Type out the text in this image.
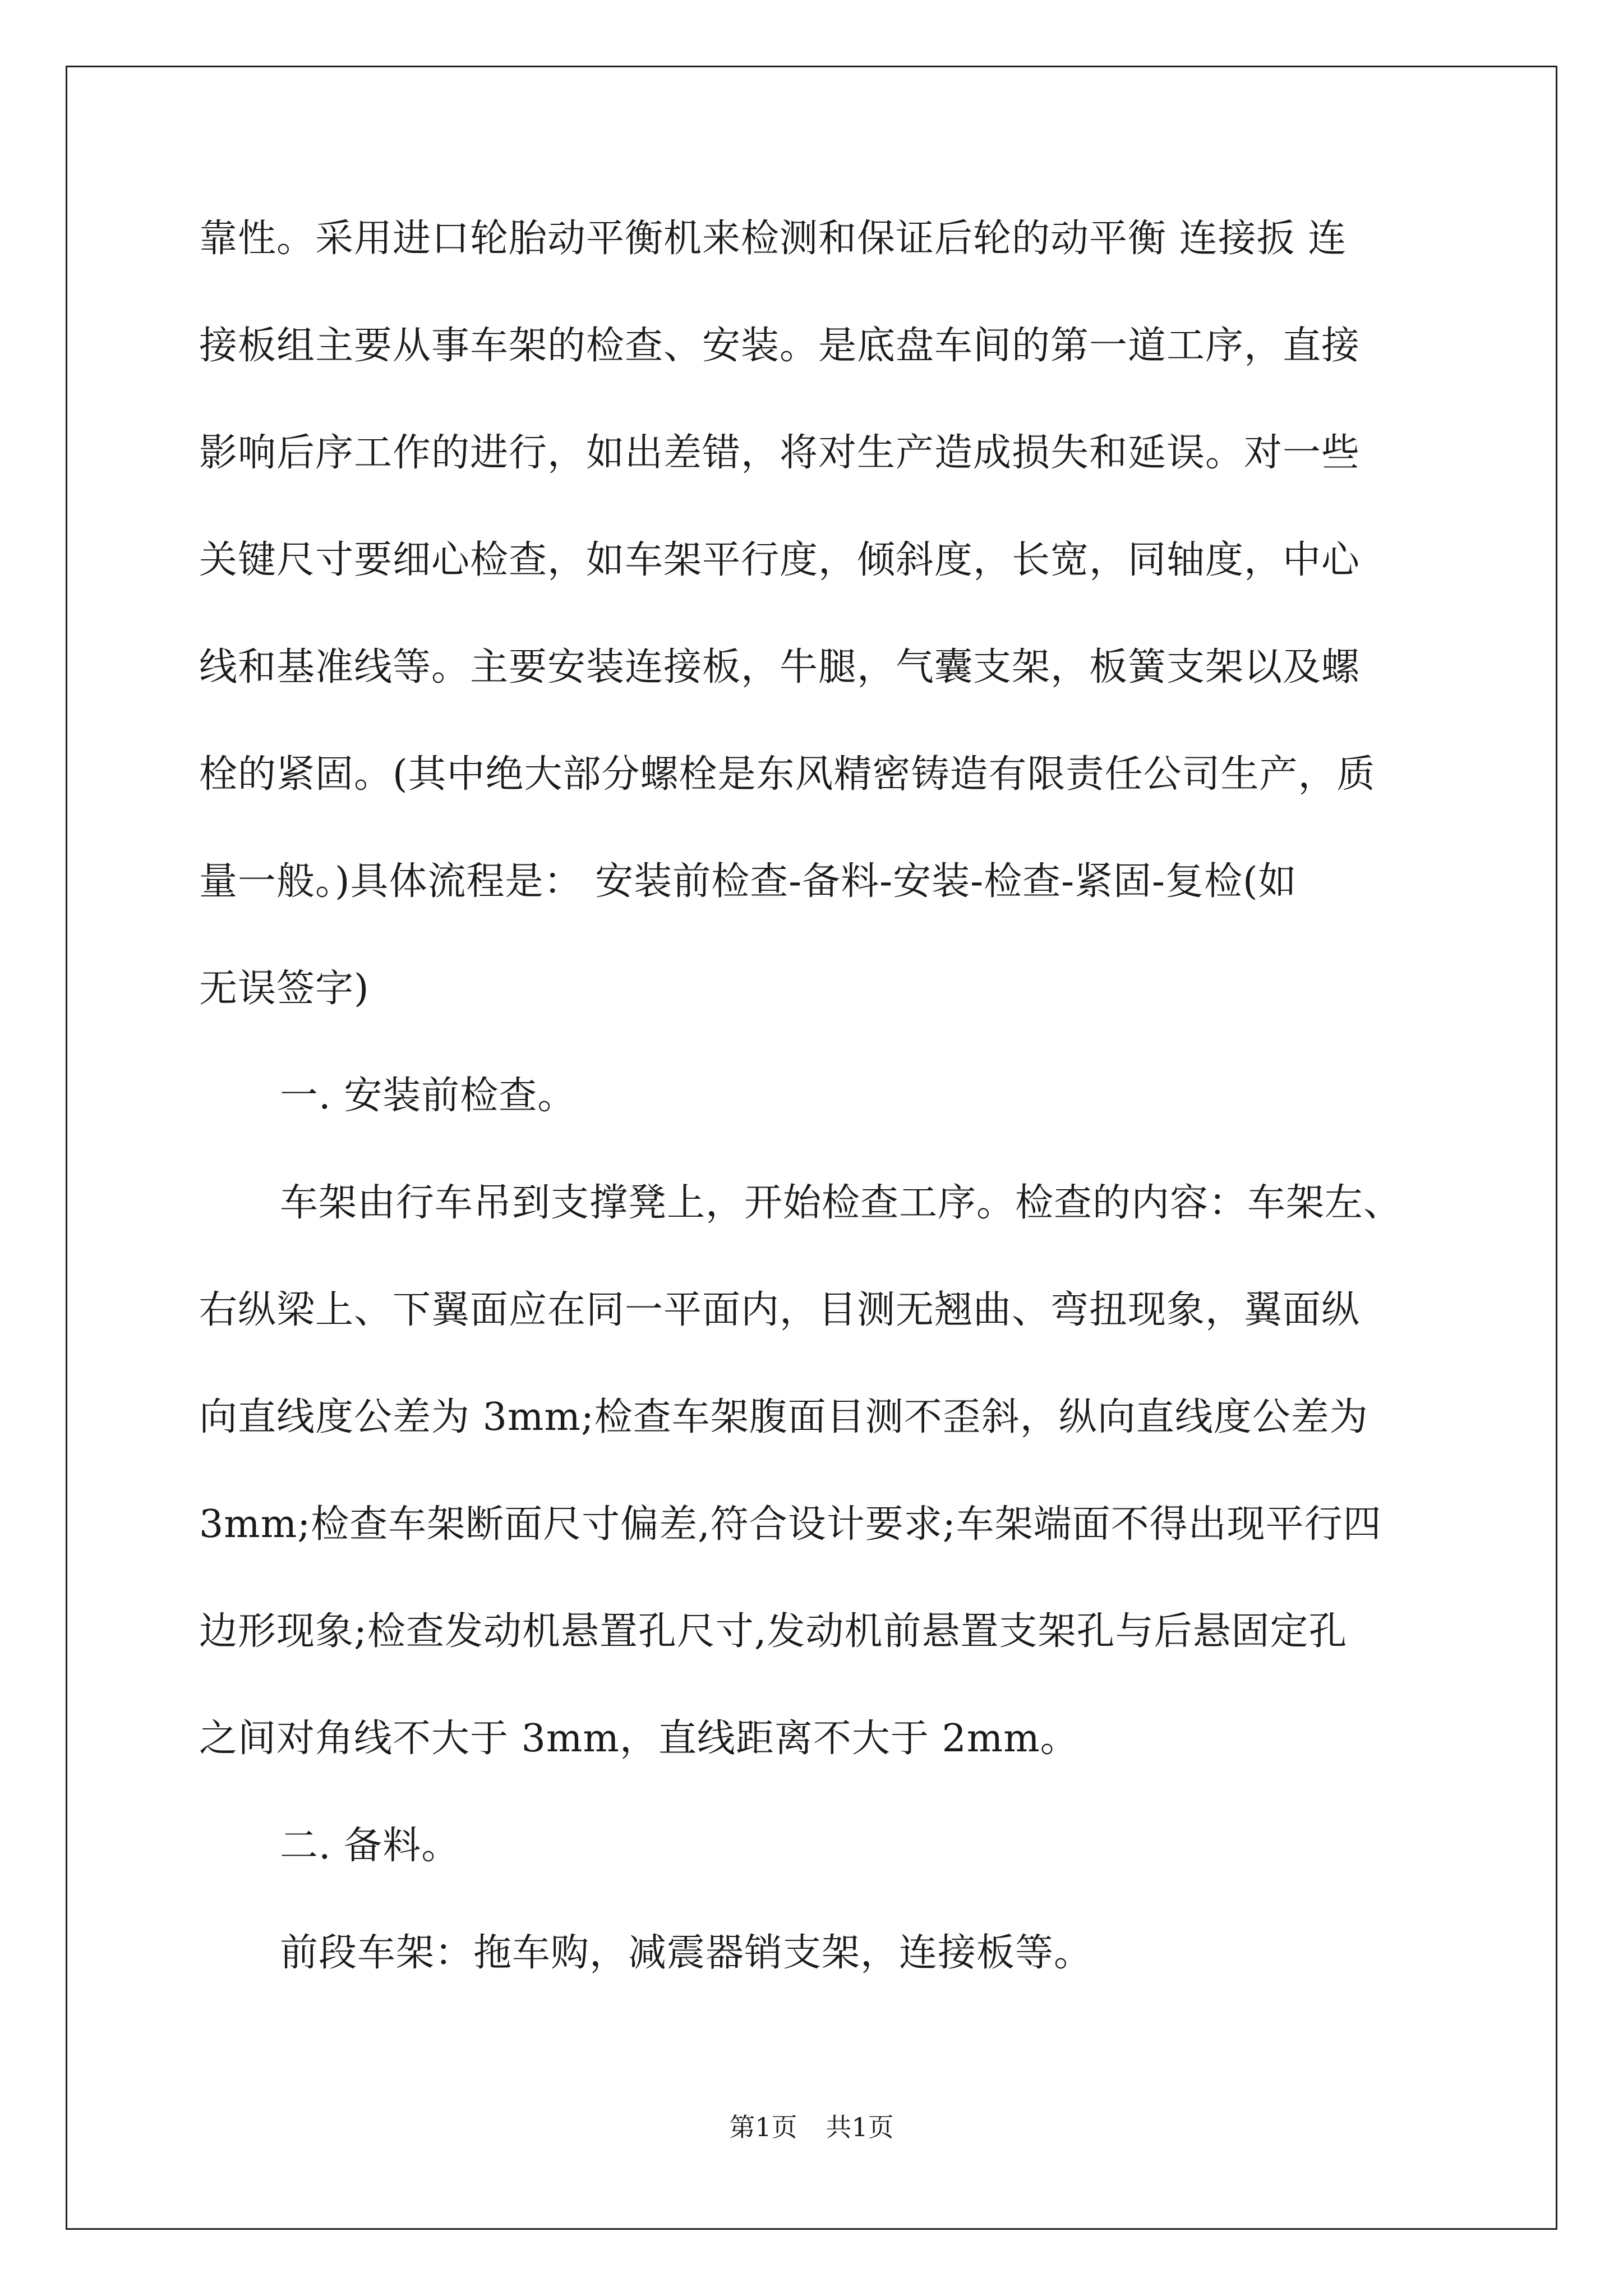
靠性。采用进口轮胎动平衡机来检测和保证后轮的动平衡 连接扳 连

接板组主要从事车架的检查、安装。是底盘车间的第一道工序，直接

影响后序工作的进行，如出差错，将对生产造成损失和延误。对一些

关键尺寸要细心检查，如车架平行度，倾斜度，长宽，同轴度，中心

线和基准线等。主要安装连接板，牛腿，气囊支架，板簧支架以及螺

栓的紧固。(其中绝大部分螺栓是东风精密铸造有限责任公司生产，质

量一般。)具体流程是： 安装前检查-备料-安装-检查-紧固-复检(如

无误签字)

一. 安装前检查。

车架由行车吊到支撑凳上，开始检查工序。检查的内容：车架左、

右纵梁上、下翼面应在同一平面内，目测无翘曲、弯扭现象，翼面纵

向直线度公差为 3mm;检查车架腹面目测不歪斜，纵向直线度公差为

3mm;检查车架断面尺寸偏差,符合设计要求;车架端面不得出现平行四

边形现象;检查发动机悬置孔尺寸,发动机前悬置支架孔与后悬固定孔

之间对角线不大于 3mm，直线距离不大于 2mm。

二. 备料。

前段车架：拖车购，减震器销支架，连接板等。

第1页 共1页
